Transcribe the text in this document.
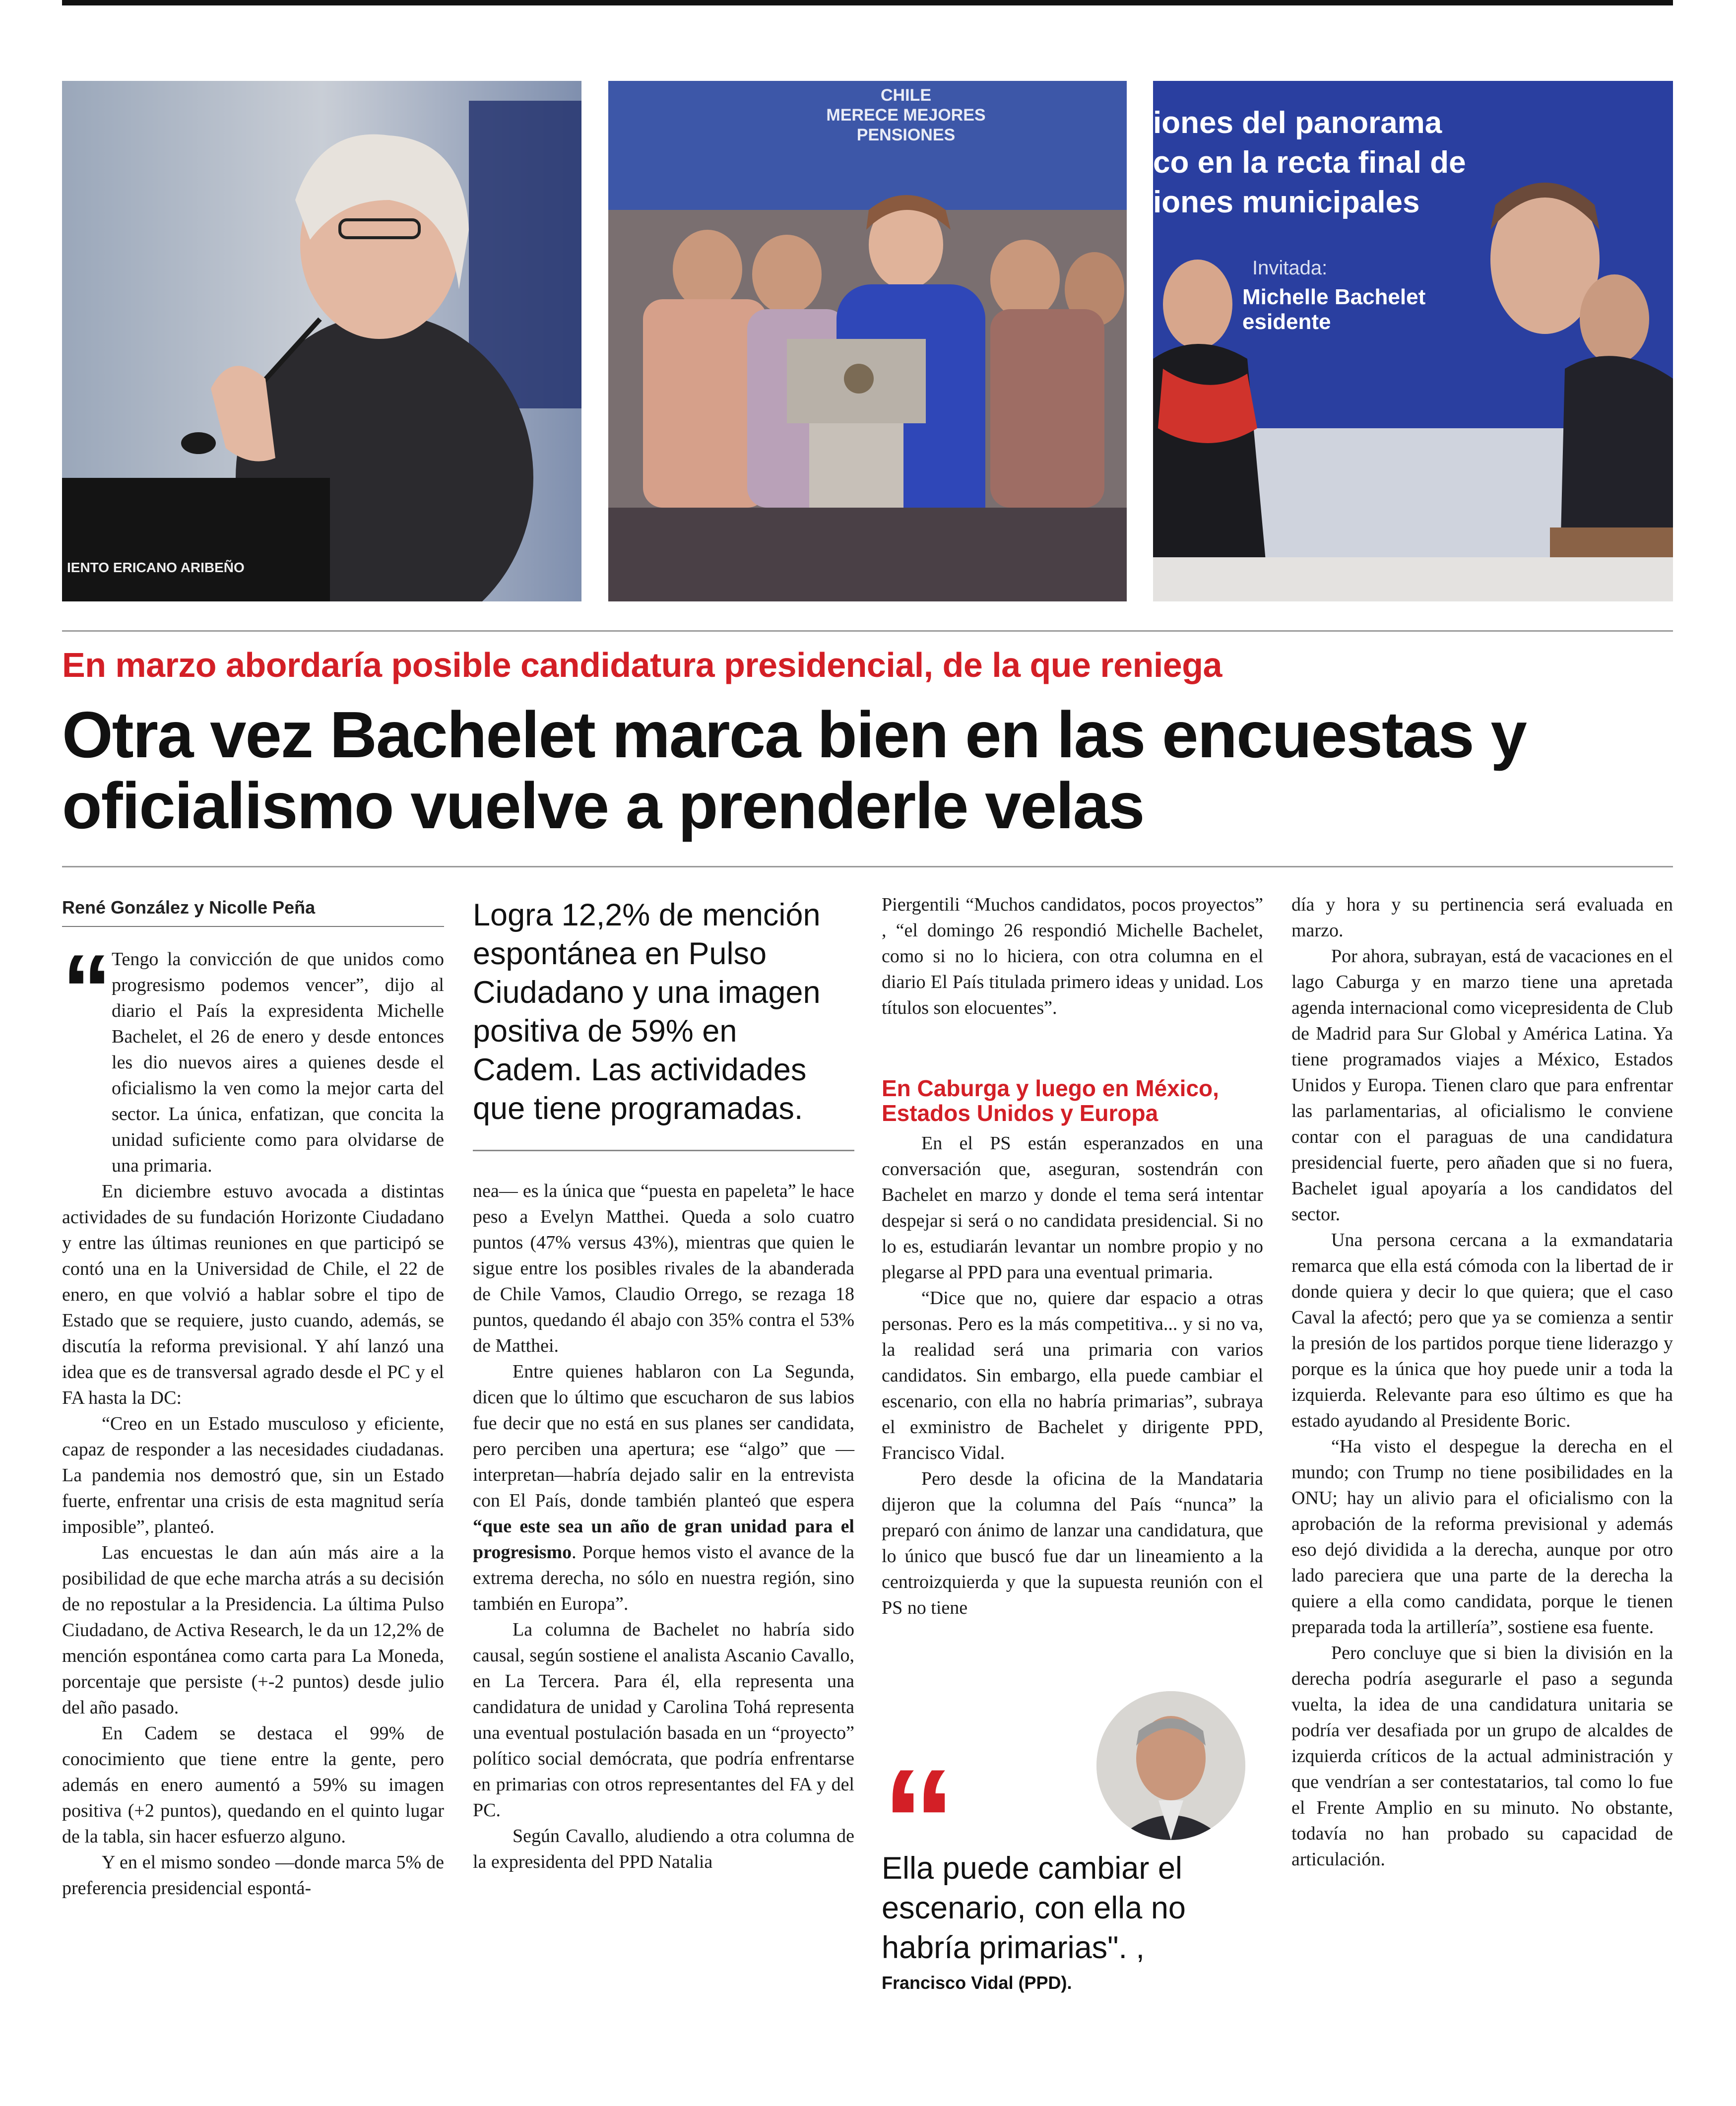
IENTO ERICANO ARIBEÑO
CHILE
MERECE MEJORES
PENSIONES	iones del panorama
co en la recta final de
iones municipales
Invitada:
Michelle Bachelet
esidente
En marzo abordaría posible candidatura presidencial, de la que reniega
Otra vez Bachelet marca bien en las encuestas y oficialismo vuelve a prenderle velas
René González y Nicolle Peña
“ Tengo la convicción de que unidos como progresismo podemos vencer”, dijo al diario el País la expresidenta Michelle Bachelet, el 26 de enero y desde entonces les dio nuevos aires a quienes desde el oficialismo la ven como la mejor carta del sector. La única, enfatizan, que concita la unidad suficiente como para olvidarse de una primaria.

En diciembre estuvo avocada a distintas actividades de su fundación Horizonte Ciudadano y entre las últimas reuniones en que participó se contó una en la Universidad de Chile, el 22 de enero, en que volvió a hablar sobre el tipo de Estado que se requiere, justo cuando, además, se discutía la reforma previsional. Y ahí lanzó una idea que es de transversal agrado desde el PC y el FA hasta la DC:

“Creo en un Estado musculoso y eficiente, capaz de responder a las necesidades ciudadanas. La pandemia nos demostró que, sin un Estado fuerte, enfrentar una crisis de esta magnitud sería imposible”, planteó.

Las encuestas le dan aún más aire a la posibilidad de que eche marcha atrás a su decisión de no repostular a la Presidencia. La última Pulso Ciudadano, de Activa Research, le da un 12,2% de mención espontánea como carta para La Moneda, porcentaje que persiste (+-2 puntos) desde julio del año pasado.

En Cadem se destaca el 99% de conocimiento que tiene entre la gente, pero además en enero aumentó a 59% su imagen positiva (+2 puntos), quedando en el quinto lugar de la tabla, sin hacer esfuerzo alguno.

Y en el mismo sondeo —donde marca 5% de preferencia presidencial espontá-

Logra 12,2% de mención espontánea en Pulso Ciudadano y una imagen positiva de 59% en Cadem. Las actividades que tiene programadas.

nea— es la única que “puesta en papeleta” le hace peso a Evelyn Matthei. Queda a solo cuatro puntos (47% versus 43%), mientras que quien le sigue entre los posibles rivales de la abanderada de Chile Vamos, Claudio Orrego, se rezaga 18 puntos, quedando él abajo con 35% contra el 53% de Matthei.

Entre quienes hablaron con La Segunda, dicen que lo último que escucharon de sus labios fue decir que no está en sus planes ser candidata, pero perciben una apertura; ese “algo” que —interpretan—habría dejado salir en la entrevista con El País, donde también planteó que espera “que este sea un año de gran unidad para el progresismo. Porque hemos visto el avance de la extrema derecha, no sólo en nuestra región, sino también en Europa”.

La columna de Bachelet no habría sido causal, según sostiene el analista Ascanio Cavallo, en La Tercera. Para él, ella representa una candidatura de unidad y Carolina Tohá representa una eventual postulación basada en un “proyecto” político social demócrata, que podría enfrentarse en primarias con otros representantes del FA y del PC.

Según Cavallo, aludiendo a otra columna de la expresidenta del PPD Natalia

Piergentili “Muchos candidatos, pocos proyectos” , “el domingo 26 respondió Michelle Bachelet, como si no lo hiciera, con otra columna en el diario El País titulada primero ideas y unidad. Los títulos son elocuentes”.

En Caburga y luego en México, Estados Unidos y Europa

En el PS están esperanzados en una conversación que, aseguran, sostendrán con Bachelet en marzo y donde el tema será intentar despejar si será o no candidata presidencial. Si no lo es, estudiarán levantar un nombre propio y no plegarse al PPD para una eventual primaria.

“Dice que no, quiere dar espacio a otras personas. Pero es la más competitiva... y si no va, la realidad será una primaria con varios candidatos. Sin embargo, ella puede cambiar el escenario, con ella no habría primarias”, subraya el exministro de Bachelet y dirigente PPD, Francisco Vidal.

Pero desde la oficina de la Mandataria dijeron que la columna del País “nunca” la preparó con ánimo de lanzar una candidatura, que lo único que buscó fue dar un lineamiento a la centroizquierda y que la supuesta reunión con el PS no tiene

“
Ella puede cambiar el escenario, con ella no habría primarias". ,
Francisco Vidal (PPD).

día y hora y su pertinencia será evaluada en marzo.

Por ahora, subrayan, está de vacaciones en el lago Caburga y en marzo tiene una apretada agenda internacional como vicepresidenta de Club de Madrid para Sur Global y América Latina. Ya tiene programados viajes a México, Estados Unidos y Europa. Tienen claro que para enfrentar las parlamentarias, al oficialismo le conviene contar con el paraguas de una candidatura presidencial fuerte, pero añaden que si no fuera, Bachelet igual apoyaría a los candidatos del sector.

Una persona cercana a la exmandataria remarca que ella está cómoda con la libertad de ir donde quiera y decir lo que quiera; que el caso Caval la afectó; pero que ya se comienza a sentir la presión de los partidos porque tiene liderazgo y porque es la única que hoy puede unir a toda la izquierda. Relevante para eso último es que ha estado ayudando al Presidente Boric.

“Ha visto el despegue la derecha en el mundo; con Trump no tiene posibilidades en la ONU; hay un alivio para el oficialismo con la aprobación de la reforma previsional y además eso dejó dividida a la derecha, aunque por otro lado pareciera que una parte de la derecha la quiere a ella como candidata, porque le tienen preparada toda la artillería”, sostiene esa fuente.

Pero concluye que si bien la división en la derecha podría asegurarle el paso a segunda vuelta, la idea de una candidatura unitaria se podría ver desafiada por un grupo de alcaldes de izquierda críticos de la actual administración y que vendrían a ser contestatarios, tal como lo fue el Frente Amplio en su minuto. No obstante, todavía no han probado su capacidad de articulación.
